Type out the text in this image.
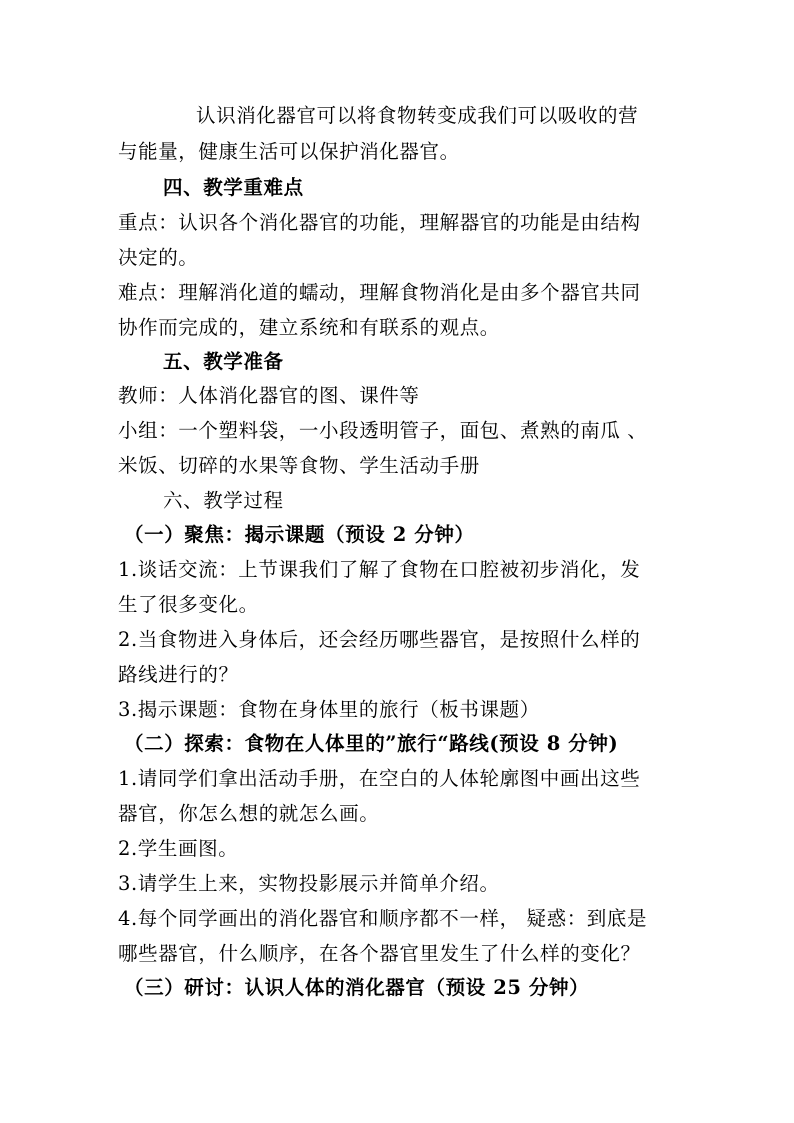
认识消化器官可以将食物转变成我们可以吸收的营
与能量，健康生活可以保护消化器官。
四、教学重难点
重点：认识各个消化器官的功能，理解器官的功能是由结构
决定的。
难点：理解消化道的蠕动，理解食物消化是由多个器官共同
协作而完成的，建立系统和有联系的观点。
五、教学准备
教师：人体消化器官的图、课件等
小组：一个塑料袋，一小段透明管子，面包、煮熟的南瓜 、
米饭、切碎的水果等食物、学生活动手册
六、教学过程
（一）聚焦：揭示课题（预设 2 分钟）
1.谈话交流：上节课我们了解了食物在口腔被初步消化，发
生了很多变化。
2.当食物进入身体后，还会经历哪些器官，是按照什么样的
路线进行的？
3.揭示课题：食物在身体里的旅行（板书课题）
（二）探索：食物在人体里的”旅行“路线(预设 8 分钟)
1.请同学们拿出活动手册，在空白的人体轮廓图中画出这些
器官，你怎么想的就怎么画。
2.学生画图。
3.请学生上来，实物投影展示并简单介绍。
4.每个同学画出的消化器官和顺序都不一样， 疑惑：到底是
哪些器官，什么顺序，在各个器官里发生了什么样的变化？
（三）研讨：认识人体的消化器官（预设 25 分钟）
